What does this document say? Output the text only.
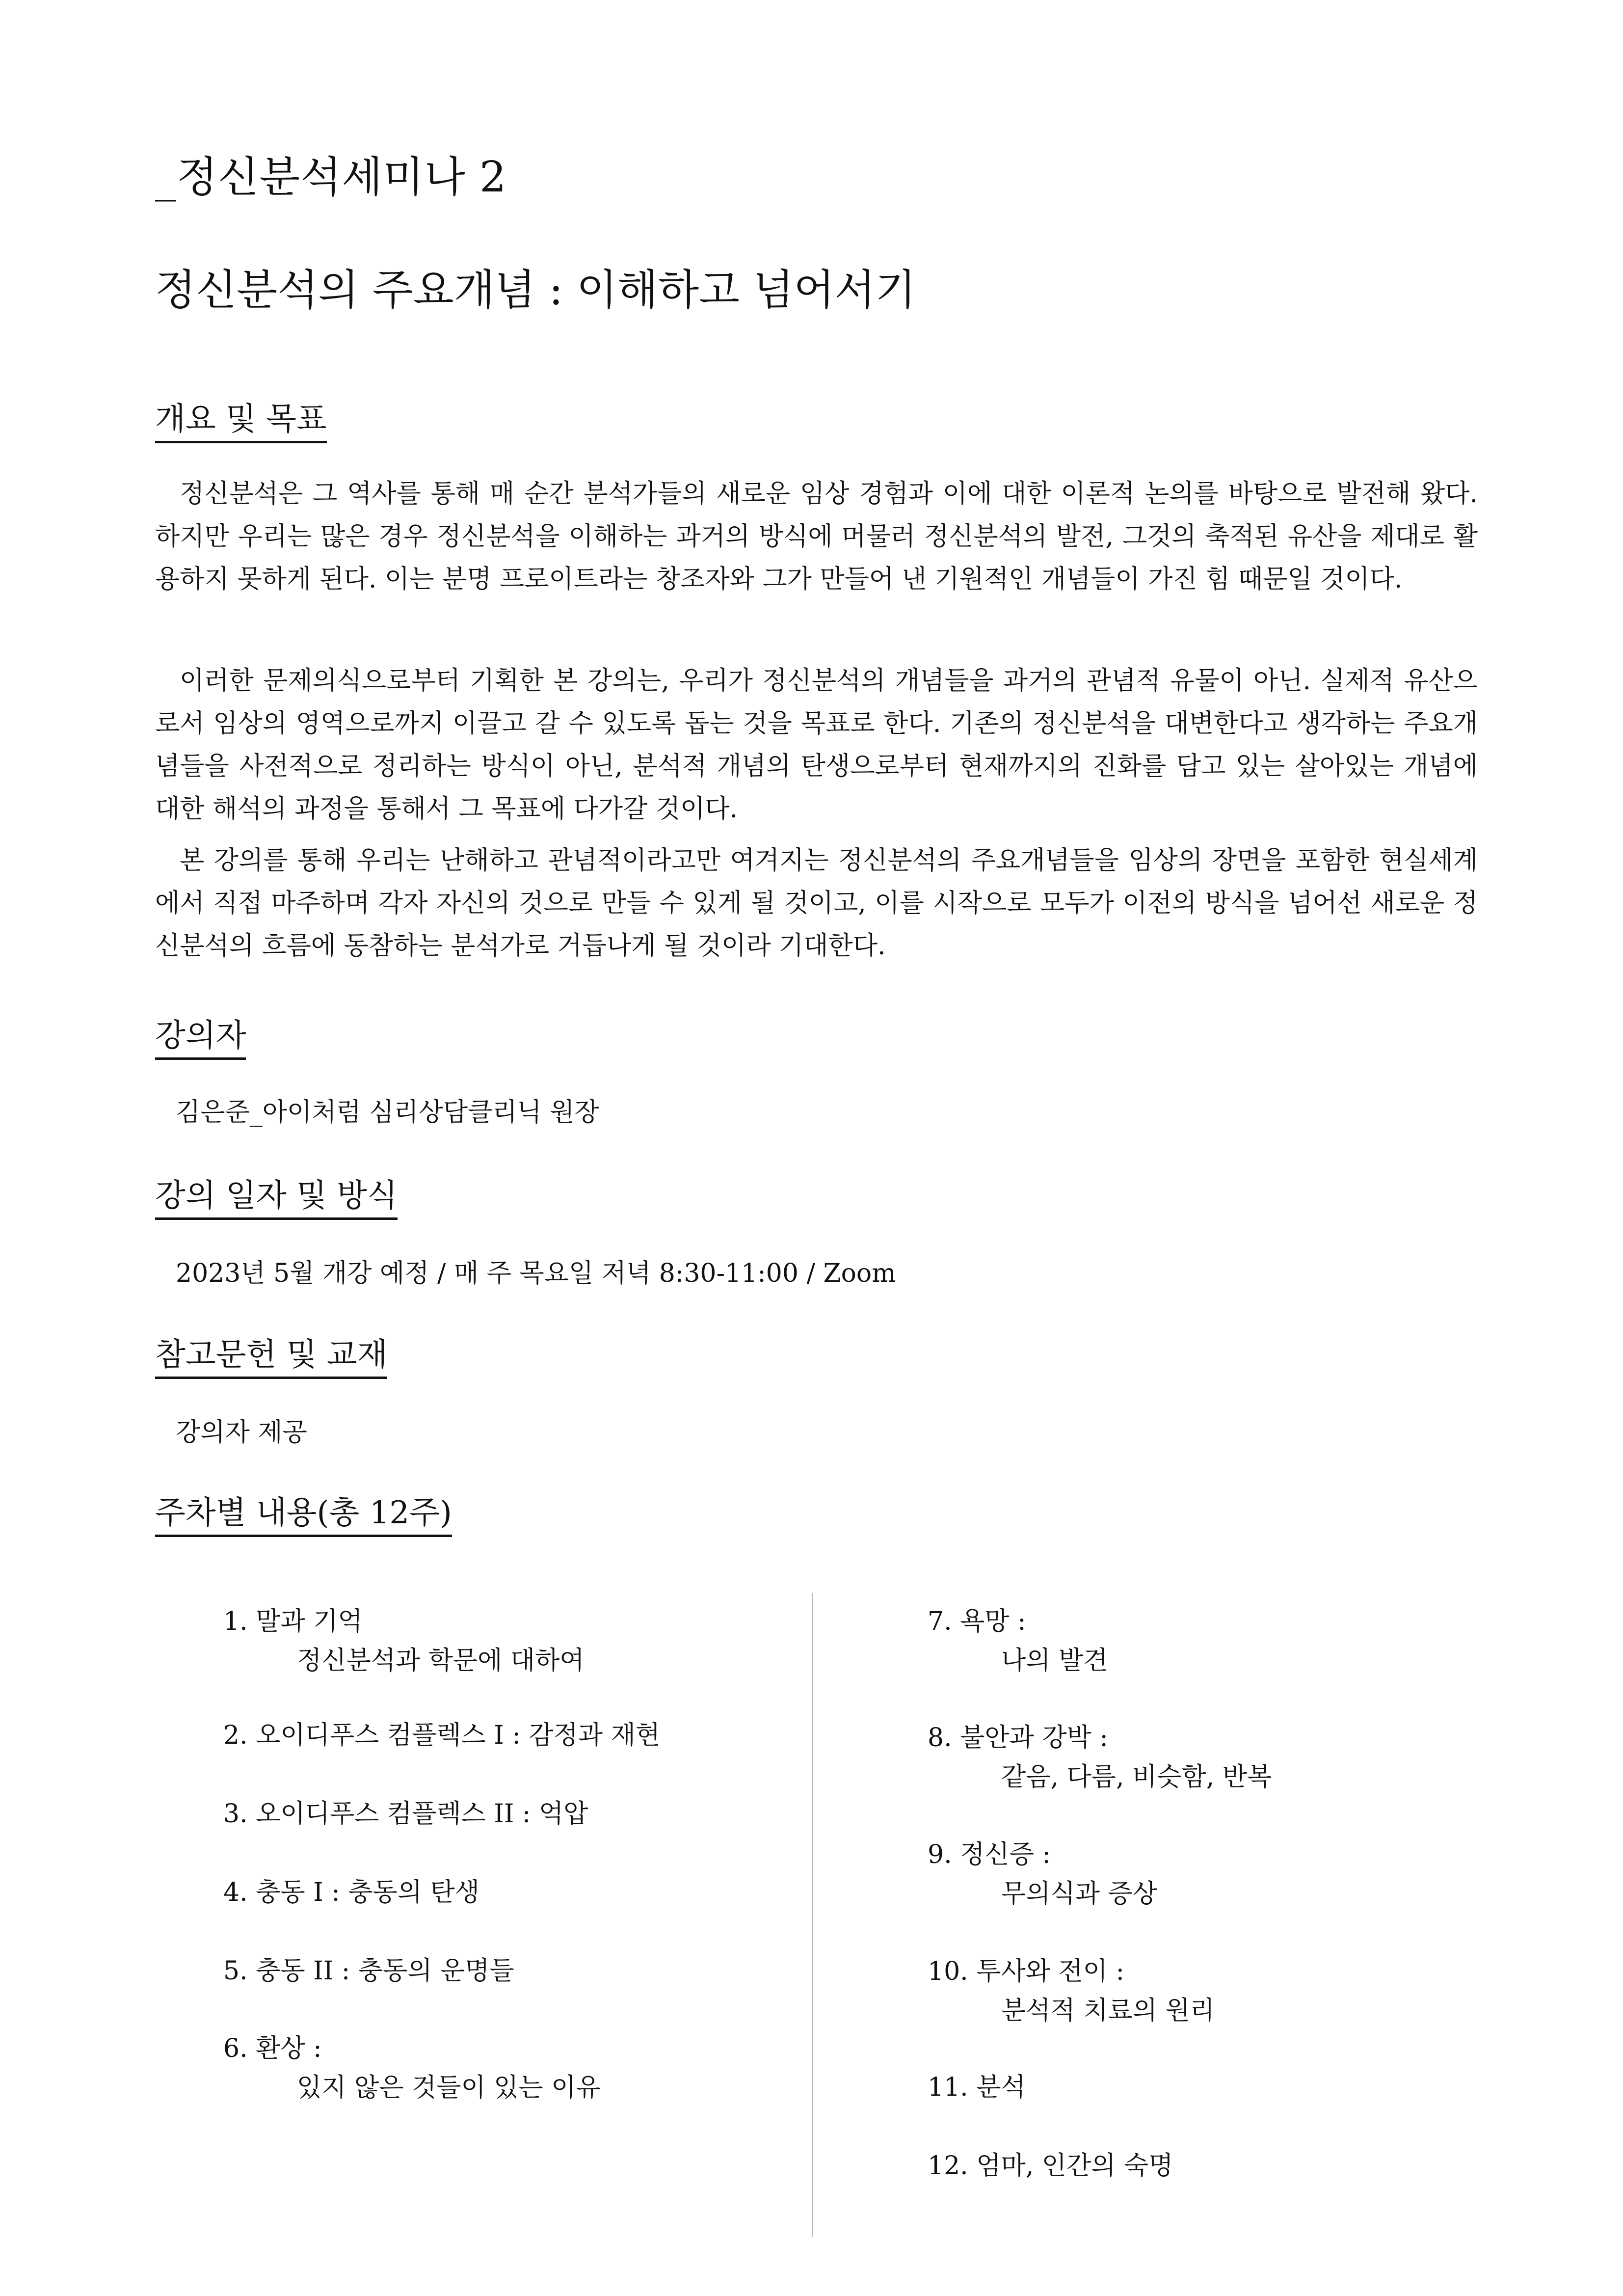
_정신분석세미나 2
정신분석의 주요개념 : 이해하고 넘어서기
개요 및 목표

정신분석은 그 역사를 통해 매 순간 분석가들의 새로운 임상 경험과 이에 대한 이론적 논의를 바탕으로 발전해 왔다. 하지만 우리는 많은 경우 정신분석을 이해하는 과거의 방식에 머물러 정신분석의 발전, 그것의 축적된 유산을 제대로 활용하지 못하게 된다. 이는 분명 프로이트라는 창조자와 그가 만들어 낸 기원적인 개념들이 가진 힘 때문일 것이다.

이러한 문제의식으로부터 기획한 본 강의는, 우리가 정신분석의 개념들을 과거의 관념적 유물이 아닌. 실제적 유산으로서 임상의 영역으로까지 이끌고 갈 수 있도록 돕는 것을 목표로 한다. 기존의 정신분석을 대변한다고 생각하는 주요개념들을 사전적으로 정리하는 방식이 아닌, 분석적 개념의 탄생으로부터 현재까지의 진화를 담고 있는 살아있는 개념에 대한 해석의 과정을 통해서 그 목표에 다가갈 것이다.

본 강의를 통해 우리는 난해하고 관념적이라고만 여겨지는 정신분석의 주요개념들을 임상의 장면을 포함한 현실세계에서 직접 마주하며 각자 자신의 것으로 만들 수 있게 될 것이고, 이를 시작으로 모두가 이전의 방식을 넘어선 새로운 정신분석의 흐름에 동참하는 분석가로 거듭나게 될 것이라 기대한다.

강의자
김은준_아이처럼 심리상담클리닉 원장
강의 일자 및 방식
2023년 5월 개강 예정 / 매 주 목요일 저녁 8:30-11:00 / Zoom
참고문헌 및 교재
강의자 제공
주차별 내용(총 12주)
1. 말과 기억
정신분석과 학문에 대하여
2. 오이디푸스 컴플렉스 I : 감정과 재현
3. 오이디푸스 컴플렉스 II : 억압
4. 충동 I : 충동의 탄생
5. 충동 II : 충동의 운명들
6. 환상 :
있지 않은 것들이 있는 이유
7. 욕망 :
나의 발견
8. 불안과 강박 :
같음, 다름, 비슷함, 반복
9. 정신증 :
무의식과 증상
10. 투사와 전이 :
분석적 치료의 원리
11. 분석
12. 엄마, 인간의 숙명
